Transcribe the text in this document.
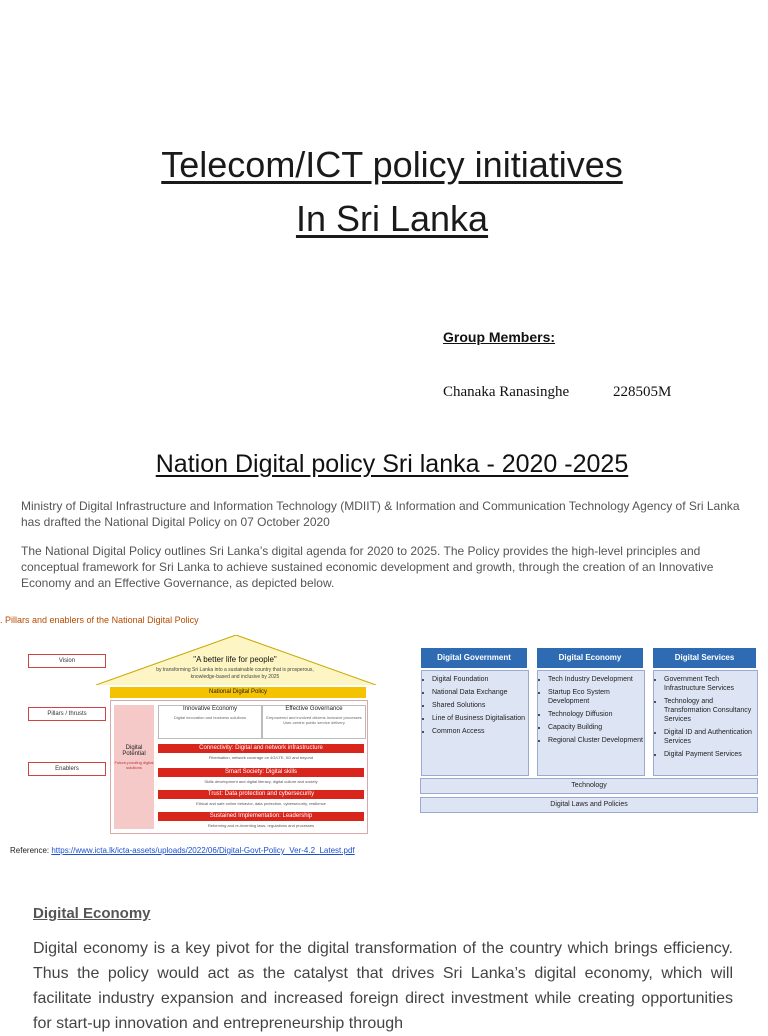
Telecom/ICT policy initiatives
In Sri Lanka
Group Members:
Chanaka Ranasinghe	228505M
Nation Digital policy Sri lanka - 2020 -2025
Ministry of Digital Infrastructure and Information Technology (MDIIT) & Information and Communication Technology Agency of Sri Lanka has drafted the National Digital Policy on 07 October 2020
The National Digital Policy outlines Sri Lanka’s digital agenda for 2020 to 2025. The Policy provides the high-level principles and conceptual framework for Sri Lanka to achieve sustained economic development and growth, through the creation of an Innovative Economy and an Effective Governance, as depicted below.
. Pillars and enablers of the National Digital Policy
Vision
Pillars / thrusts
Enablers
"A better life for people"
by transforming Sri Lanka into a sustainable country that is prosperous, knowledge-based and inclusive by 2025
National Digital Policy
Digital Potential
Future-proofing digital solutions
Innovative Economy
Digital innovation and business solutions
Effective Governance
Empowered and involved citizens Inclusive processes User-centric public service delivery
Connectivity: Digital and network infrastructure
Fiberisation, network coverage on 4G/LTE, 5G and beyond
Smart Society: Digital skills
Skills development and digital literacy, digital culture and society
Trust: Data protection and cybersecurity
Ethical and safe online behavior, data protection, cybersecurity, resilience
Sustained Implementation: Leadership
Reforming and re-inventing laws, regulations and processes
Digital Government
• Digital Foundation
• National Data Exchange
• Shared Solutions
• Line of Business Digitalisation
• Common Access
Digital Economy
• Tech Industry Development
• Startup Eco System Development
• Technology Diffusion
• Capacity Building
• Regional Cluster Development
Digital Services
• Government Tech Infrastructure Services
• Technology and Transformation Consultancy Services
• Digital ID and Authentication Services
• Digital Payment Services
Technology
Digital Laws and Policies
Reference: https://www.icta.lk/icta-assets/uploads/2022/06/Digital-Govt-Policy_Ver-4.2_Latest.pdf
Digital Economy
Digital economy is a key pivot for the digital transformation of the country which brings efficiency. Thus the policy would act as the catalyst that drives Sri Lanka’s digital economy, which will facilitate industry expansion and increased foreign direct investment while creating opportunities for start-up innovation and entrepreneurship through
